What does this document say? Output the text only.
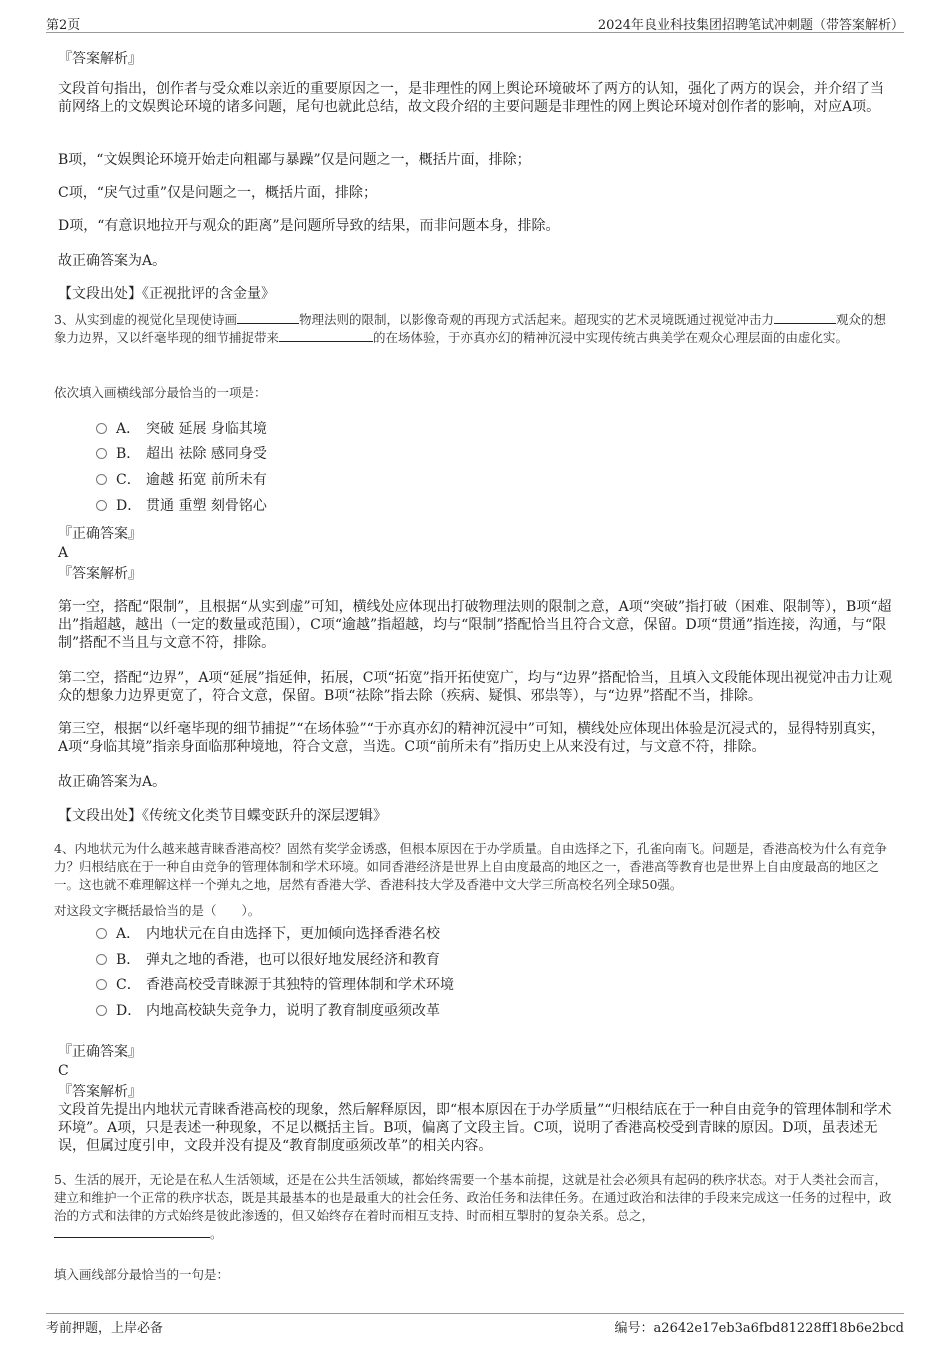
第2页	2024年良业科技集团招聘笔试冲刺题（带答案解析）
『答案解析』
文段首句指出，创作者与受众难以亲近的重要原因之一，是非理性的网上舆论环境破坏了两方的认知，强化了两方的误会，并介绍了当前网络上的文娱舆论环境的诸多问题，尾句也就此总结，故文段介绍的主要问题是非理性的网上舆论环境对创作者的影响，对应A项。
B项，“文娱舆论环境开始走向粗鄙与暴躁”仅是问题之一，概括片面，排除；
C项，“戾气过重”仅是问题之一，概括片面，排除；
D项，“有意识地拉开与观众的距离”是问题所导致的结果，而非问题本身，排除。
故正确答案为A。
【文段出处】《正视批评的含金量》
3、从实到虚的视觉化呈现使诗画	物理法则的限制，以影像奇观的再现方式活起来。超现实的艺术灵境既通过视觉冲击力	观众的想象力边界，又以纤毫毕现的细节捕捉带来	的在场体验，于亦真亦幻的精神沉浸中实现传统古典美学在观众心理层面的由虚化实。
依次填入画横线部分最恰当的一项是：
A． 突破 延展 身临其境
B． 超出 祛除 感同身受
C． 逾越 拓宽 前所未有
D． 贯通 重塑 刻骨铭心
『正确答案』
A
『答案解析』
第一空，搭配“限制”，且根据“从实到虚”可知，横线处应体现出打破物理法则的限制之意，A项“突破”指打破（困难、限制等），B项“超出”指超越，越出（一定的数量或范围），C项“逾越”指超越，均与“限制”搭配恰当且符合文意，保留。D项“贯通”指连接，沟通，与“限制”搭配不当且与文意不符，排除。
第二空，搭配“边界”，A项“延展”指延伸，拓展，C项“拓宽”指开拓使宽广，均与“边界”搭配恰当，且填入文段能体现出视觉冲击力让观众的想象力边界更宽了，符合文意，保留。B项“祛除”指去除（疾病、疑惧、邪祟等），与“边界”搭配不当，排除。
第三空，根据“以纤毫毕现的细节捕捉”“在场体验”“于亦真亦幻的精神沉浸中”可知，横线处应体现出体验是沉浸式的，显得特别真实，A项“身临其境”指亲身面临那种境地，符合文意，当选。C项“前所未有”指历史上从来没有过，与文意不符，排除。
故正确答案为A。
【文段出处】《传统文化类节目蝶变跃升的深层逻辑》
4、内地状元为什么越来越青睐香港高校？固然有奖学金诱惑，但根本原因在于办学质量。自由选择之下，孔雀向南飞。问题是，香港高校为什么有竞争力？归根结底在于一种自由竞争的管理体制和学术环境。如同香港经济是世界上自由度最高的地区之一，香港高等教育也是世界上自由度最高的地区之一。这也就不难理解这样一个弹丸之地，居然有香港大学、香港科技大学及香港中文大学三所高校名列全球50强。
对这段文字概括最恰当的是（　　）。
A． 内地状元在自由选择下，更加倾向选择香港名校
B． 弹丸之地的香港，也可以很好地发展经济和教育
C． 香港高校受青睐源于其独特的管理体制和学术环境
D． 内地高校缺失竞争力，说明了教育制度亟须改革
『正确答案』
C
『答案解析』
文段首先提出内地状元青睐香港高校的现象，然后解释原因，即“根本原因在于办学质量”“归根结底在于一种自由竞争的管理体制和学术环境”。A项，只是表述一种现象，不足以概括主旨。B项，偏离了文段主旨。C项，说明了香港高校受到青睐的原因。D项，虽表述无误，但属过度引申，文段并没有提及“教育制度亟须改革”的相关内容。
5、生活的展开，无论是在私人生活领域，还是在公共生活领域，都始终需要一个基本前提，这就是社会必须具有起码的秩序状态。对于人类社会而言，建立和维护一个正常的秩序状态，既是其最基本的也是最重大的社会任务、政治任务和法律任务。在通过政治和法律的手段来完成这一任务的过程中，政治的方式和法律的方式始终是彼此渗透的，但又始终存在着时而相互支持、时而相互掣肘的复杂关系。总之，
。
填入画线部分最恰当的一句是：
考前押题，上岸必备	编号：a2642e17eb3a6fbd81228ff18b6e2bcd
